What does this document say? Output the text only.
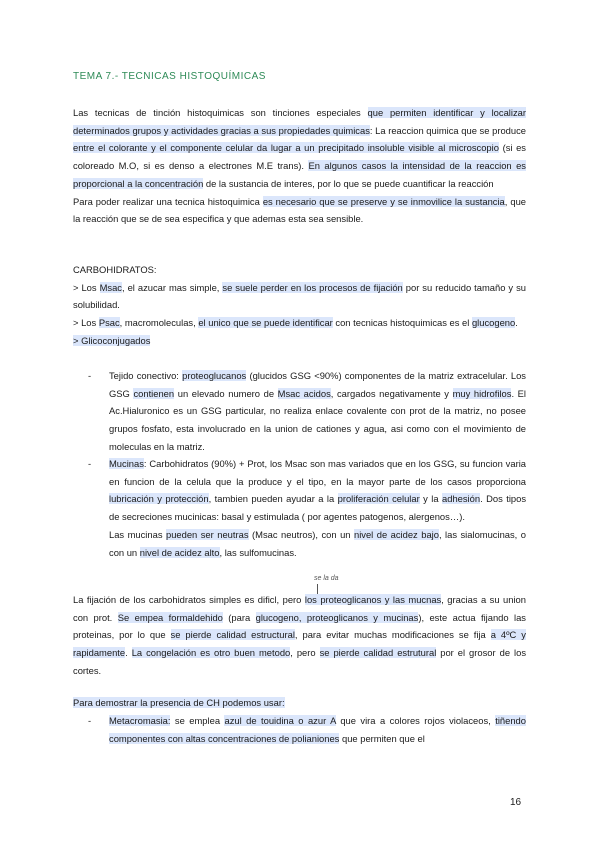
TEMA 7.- TECNICAS HISTOQUÍMICAS
Las tecnicas de tinción histoquimicas son tinciones especiales que permiten identificar y localizar determinados grupos y actividades gracias a sus propiedades quimicas: La reaccion quimica que se produce entre el colorante y el componente celular da lugar a un precipitado insoluble visible al microscopio (si es coloreado M.O, si es denso a electrones M.E trans). En algunos casos la intensidad de la reaccion es proporcional a la concentración de la sustancia de interes, por lo que se puede cuantificar la reacción
Para poder realizar una tecnica histoquimica es necesario que se preserve y se inmovilice la sustancia, que la reacción que se de sea especifica y que ademas esta sea sensible.
CARBOHIDRATOS:
> Los Msac, el azucar mas simple, se suele perder en los procesos de fijación por su reducido tamaño y su solubilidad.
> Los Psac, macromoleculas, el unico que se puede identificar con tecnicas histoquimicas es el glucogeno.
> Glicoconjugados
- Tejido conectivo: proteoglucanos (glucidos GSG <90%) componentes de la matriz extracelular. Los GSG contienen un elevado numero de Msac acidos, cargados negativamente y muy hidrofilos. El Ac.Hialuronico es un GSG particular, no realiza enlace covalente con prot de la matriz, no posee grupos fosfato, esta involucrado en la union de cationes y agua, asi como con el movimiento de moleculas en la matriz.
- Mucinas: Carbohidratos (90%) + Prot, los Msac son mas variados que en los GSG, su funcion varia en funcion de la celula que la produce y el tipo, en la mayor parte de los casos proporciona lubricación y protección, tambien pueden ayudar a la proliferación celular y la adhesión. Dos tipos de secreciones mucinicas: basal y estimulada ( por agentes patogenos, alergenos…).
Las mucinas pueden ser neutras (Msac neutros), con un nivel de acidez bajo, las sialomucinas, o con un nivel de acidez alto, las sulfomucinas.
se la da
La fijación de los carbohidratos simples es dificl, pero los proteoglicanos y las mucnas, gracias a su union con prot. Se empea formaldehido (para glucogeno, proteoglicanos y mucinas), este actua fijando las proteinas, por lo que se pierde calidad estructural, para evitar muchas modificaciones se fija a 4ºC y rapidamente. La congelación es otro buen metodo, pero se pierde calidad estrutural por el grosor de los cortes.
Para demostrar la presencia de CH podemos usar:
- Metacromasia: se emplea azul de touidina o azur A que vira a colores rojos violaceos, tiñendo componentes con altas concentraciones de polianiones que permiten que el
16
